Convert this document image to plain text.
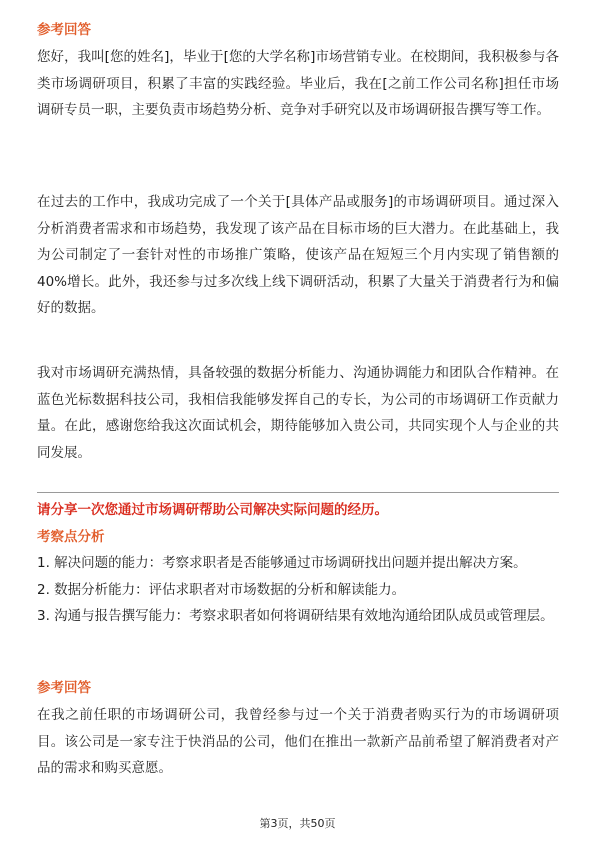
参考回答

您好，我叫[您的姓名]，毕业于[您的大学名称]市场营销专业。在校期间，我积极参与各类市场调研项目，积累了丰富的实践经验。毕业后，我在[之前工作公司名称]担任市场调研专员一职，主要负责市场趋势分析、竞争对手研究以及市场调研报告撰写等工作。

在过去的工作中，我成功完成了一个关于[具体产品或服务]的市场调研项目。通过深入分析消费者需求和市场趋势，我发现了该产品在目标市场的巨大潜力。在此基础上，我为公司制定了一套针对性的市场推广策略，使该产品在短短三个月内实现了销售额的40%增长。此外，我还参与过多次线上线下调研活动，积累了大量关于消费者行为和偏好的数据。

我对市场调研充满热情，具备较强的数据分析能力、沟通协调能力和团队合作精神。在蓝色光标数据科技公司，我相信我能够发挥自己的专长，为公司的市场调研工作贡献力量。在此，感谢您给我这次面试机会，期待能够加入贵公司，共同实现个人与企业的共同发展。

请分享一次您通过市场调研帮助公司解决实际问题的经历。
考察点分析
1. 解决问题的能力：考察求职者是否能够通过市场调研找出问题并提出解决方案。
2. 数据分析能力：评估求职者对市场数据的分析和解读能力。
3. 沟通与报告撰写能力：考察求职者如何将调研结果有效地沟通给团队成员或管理层。
参考回答

在我之前任职的市场调研公司，我曾经参与过一个关于消费者购买行为的市场调研项目。该公司是一家专注于快消品的公司，他们在推出一款新产品前希望了解消费者对产品的需求和购买意愿。

第3页，共50页
